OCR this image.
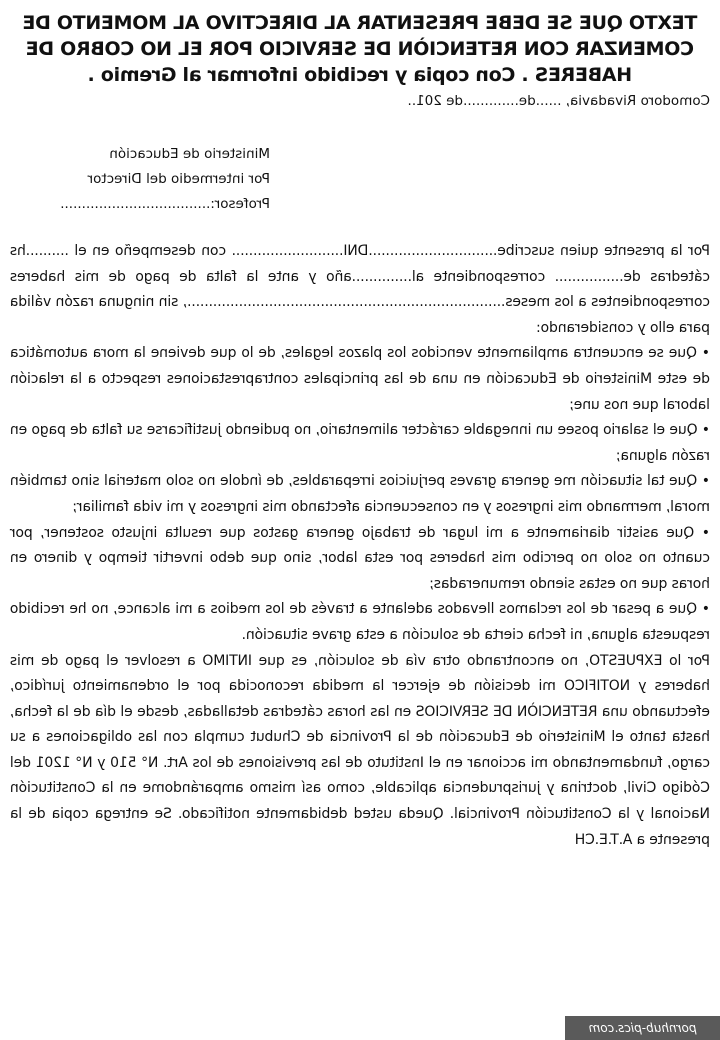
TEXTO QUE SE DEBE PRESENTAR AL DIRECTIVO AL MOMENTO DE COMENZAR CON RETENCIÒN DE SERVICIO POR EL NO COBRO DE HABERES . Con copia y recibido informar al Gremio .

Comodoro Rivadavia, ......de.............de 201..

Ministerio de Educación
Por intermedio del Director
Profesor:...................................

Por la presente quien suscribe..............................DNI.......................... con desempeño en el ..........hs cátedras de................ correspondiente al..............año y ante la falta de pago de mis haberes correspondientes a los meses.........................................................................., sin ninguna razón válida para ello y considerando:

• Que se encuentra ampliamente vencidos los plazos legales, de lo que deviene la mora automática de este Ministerio de Educación en una de las principales contraprestaciones respecto a la relación laboral que nos une;

• Que el salario posee un innegable carácter alimentario, no pudiendo justificarse su falta de pago en razón alguna;

• Que tal situación me genera graves perjuicios irreparables, de índole no solo material sino también moral, mermando mis ingresos y en consecuencia afectando mis ingresos y mi vida familiar;

• Que asistir diariamente a mi lugar de trabajo genera gastos que resulta injusto sostener, por cuanto no solo no percibo mis haberes por esta labor, sino que debo invertir tiempo y dinero en horas que no estas siendo remuneradas;

• Que a pesar de los reclamos llevados adelante a través de los medios a mi alcance, no he recibido respuesta alguna, ni fecha cierta de solución a esta grave situación.

Por lo EXPUESTO, no encontrando otra vía de solución, es que INTIMO a resolver el pago de mis haberes y NOTIFICO mi decisión de ejercer la medida reconocida por el ordenamiento jurídico, efectuando una RETENCIÒN DE SERVICIOS en las horas cátedras detalladas, desde el día de la fecha, hasta tanto el Ministerio de Educación de la Provincia de Chubut cumpla con las obligaciones a su cargo, fundamentando mi accionar en el Instituto de las previsiones de los Art. N° 510 y N° 1201 del Código Civil, doctrina y jurisprudencia aplicable, como así mismo amparándome en la Constitución Nacional y la Constitución Provincial. Queda usted debidamente notificado. Se entrega copia de la presente a A.T.E.CH

pornhub-pics.com
